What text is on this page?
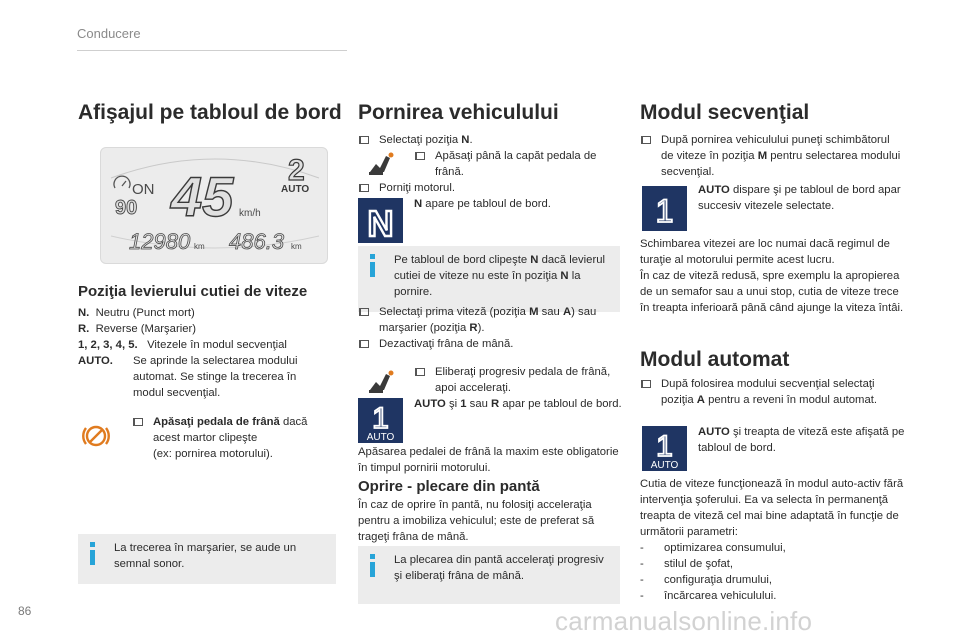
Conducere
Afişajul pe tabloul de bord
ON
90 45 km/h
2
AUTO
12980 km 486.3 km
Poziţia levierului cutiei de viteze
N. Neutru (Punct mort)
R. Reverse (Marşarier)
1, 2, 3, 4, 5. Vitezele în modul secvenţial
AUTO. Se aprinde la selectarea modului
automat. Se stinge la trecerea în
modul secvenţial.
Apăsaţi pedala de frână dacă
acest martor clipeşte
(ex: pornirea motorului).
La trecerea în marşarier, se aude un semnal sonor.
Pornirea vehiculului
Selectaţi poziţia N.
Apăsaţi până la capăt pedala de frână.
Porniţi motorul.
N N apare pe tabloul de bord.
Pe tabloul de bord clipeşte N dacă levierul cutiei de viteze nu este în poziţia N la pornire.
Selectaţi prima viteză (poziţia M sau A) sau marşarier (poziţia R).
Dezactivaţi frâna de mână.
Eliberaţi progresiv pedala de frână, apoi acceleraţi.
1
AUTO
AUTO şi 1 sau R apar pe tabloul de bord.
Apăsarea pedalei de frână la maxim este obligatorie în timpul pornirii motorului.
Oprire - plecare din pantă
În caz de oprire în pantă, nu folosiţi acceleraţia pentru a imobiliza vehiculul; este de preferat să trageţi frâna de mână.
La plecarea din pantă acceleraţi progresiv şi eliberaţi frâna de mână.
Modul secvenţial
După pornirea vehiculului puneţi schimbătorul de viteze în poziţia M pentru selectarea modului secvenţial.
1
AUTO dispare şi pe tabloul de bord apar succesiv vitezele selectate.
Schimbarea vitezei are loc numai dacă regimul de turaţie al motorului permite acest lucru.
În caz de viteză redusă, spre exemplu la apropierea de un semafor sau a unui stop, cutia de viteze trece în treapta inferioară până când ajunge la viteza întâi.
Modul automat
După folosirea modului secvenţial selectaţi poziţia A pentru a reveni în modul automat.
1
AUTO
AUTO şi treapta de viteză este afişată pe tabloul de bord.
Cutia de viteze funcţionează în modul auto-activ fără intervenţia şoferului. Ea va selecta în permanenţă treapta de viteză cel mai bine adaptată în funcţie de următorii parametri:
- optimizarea consumului,
- stilul de şofat,
- configuraţia drumului,
- încărcarea vehiculului.
86	carmanualsonline.info
